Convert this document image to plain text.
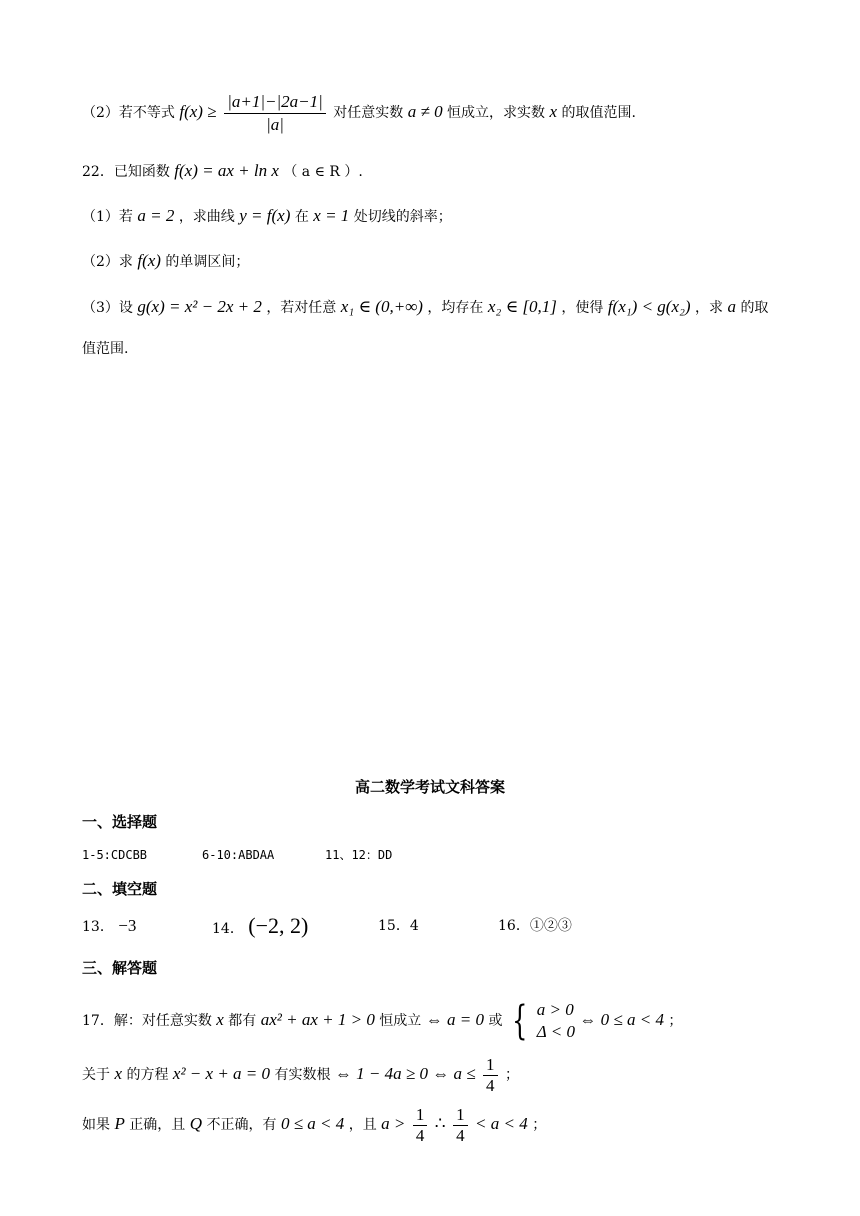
（2）若不等式 $f(x) \ge \frac{|a+1|-|2a-1|}{|a|}$ 对任意实数 a ≠ 0 恒成立，求实数 x 的取值范围.
22．已知函数 f(x) = ax + ln x （ a ∈ R ）.
（1）若 a = 2 ，求曲线 y = f(x) 在 x = 1 处切线的斜率；
（2）求 f(x) 的单调区间；
（3）设 g(x) = x² − 2x + 2 ，若对任意 x₁ ∈ (0,+∞) ，均存在 x₂ ∈ [0,1] ，使得 f(x₁) < g(x₂) ，求 a 的取
值范围.
高二数学考试文科答案
一、选择题
1-5:CDCBB	6-10:ABDAA	11、12：DD
二、填空题
13． −3	14． (−2, 2)	15．4	16．①②③
三、解答题
17．解：对任意实数 x 都有 ax² + ax + 1 > 0 恒成立 ⇔ a = 0 或 { a > 0
Δ < 0
⇔ 0 ≤ a < 4 ；
关于 x 的方程 x² − x + a = 0 有实数根 ⇔ 1 − 4a ≥ 0 ⇔ $a \le \frac{1}{4}$ ；
如果 P 正确，且 Q 不正确，有 0 ≤ a < 4 ，且 $a > \frac{1}{4}$ ∴ $\frac{1}{4} < a < 4$ ；
